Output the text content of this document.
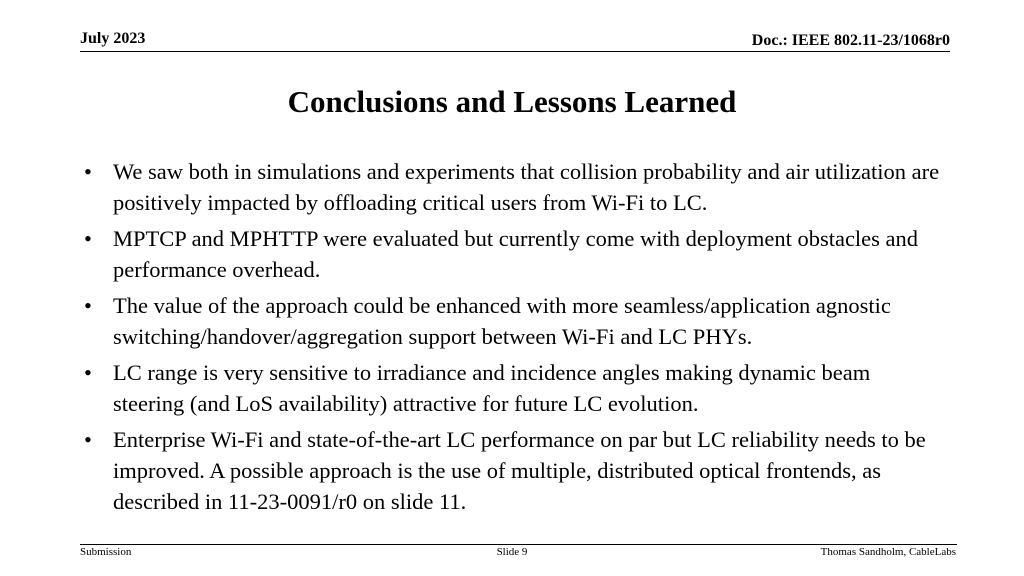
July 2023	Doc.: IEEE 802.11-23/1068r0
Conclusions and Lessons Learned
• We saw both in simulations and experiments that collision probability and air utilization are positively impacted by offloading critical users from Wi-Fi to LC.
• MPTCP and MPHTTP were evaluated but currently come with deployment obstacles and performance overhead.
• The value of the approach could be enhanced with more seamless/application agnostic switching/handover/aggregation support between Wi-Fi and LC PHYs.
• LC range is very sensitive to irradiance and incidence angles making dynamic beam steering (and LoS availability) attractive for future LC evolution.
• Enterprise Wi-Fi and state-of-the-art LC performance on par but LC reliability needs to be improved. A possible approach is the use of multiple, distributed optical frontends, as described in 11-23-0091/r0 on slide 11.
Submission	Slide 9	Thomas Sandholm, CableLabs
